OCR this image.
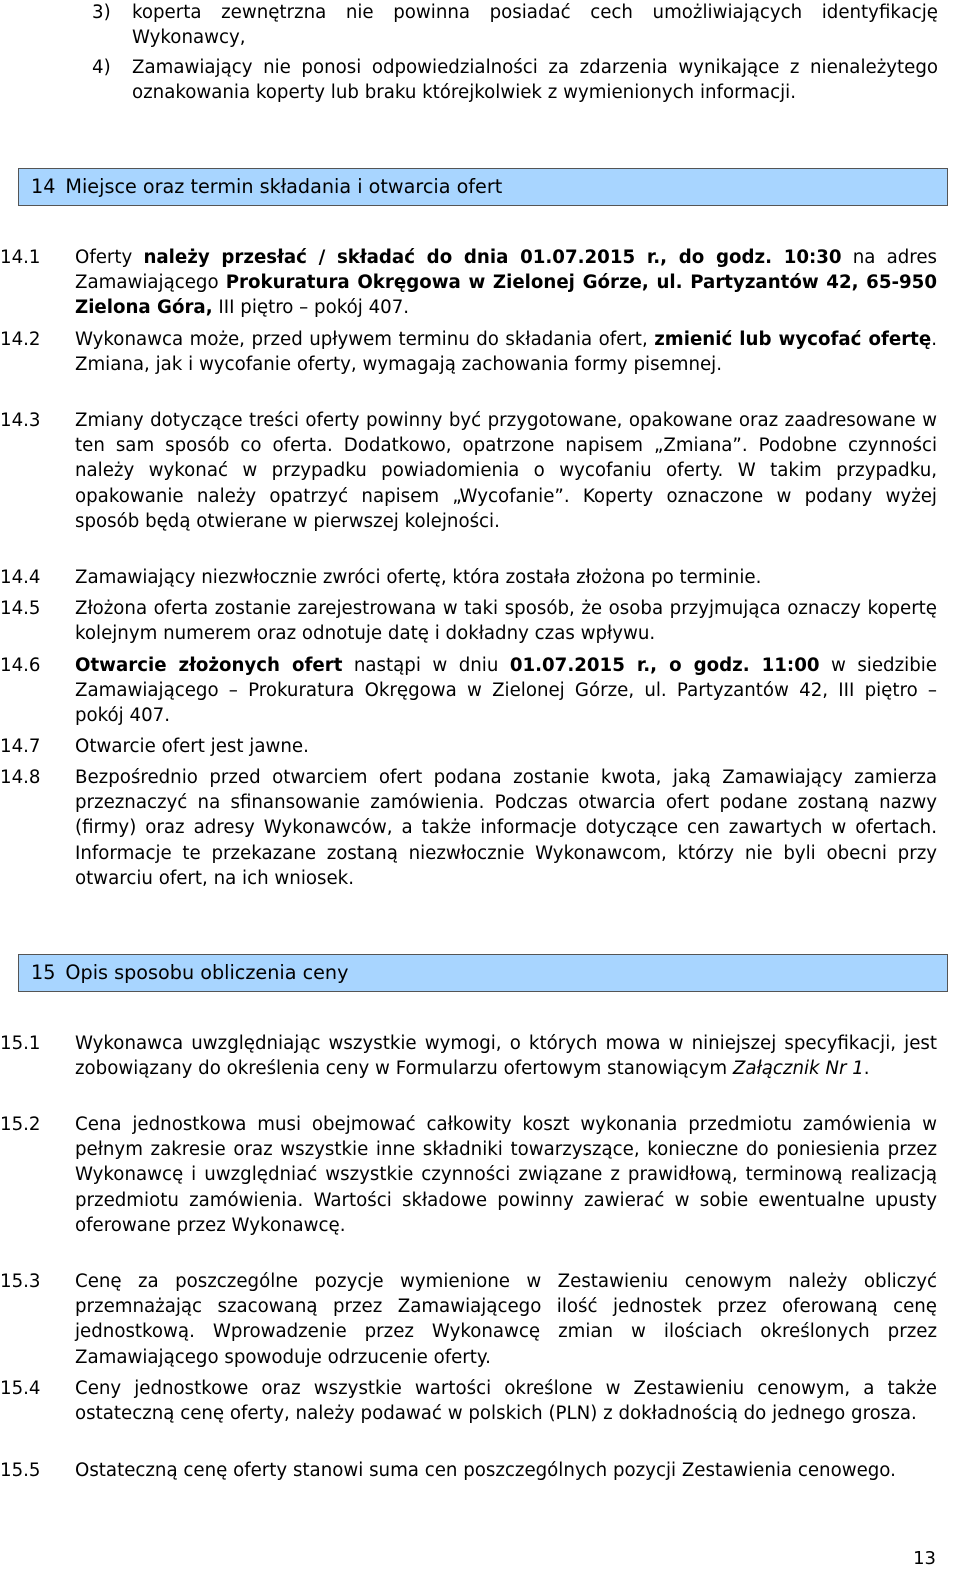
3) koperta zewnętrzna nie powinna posiadać cech umożliwiających identyfikację Wykonawcy,
4) Zamawiający nie ponosi odpowiedzialności za zdarzenia wynikające z nienależytego oznakowania koperty lub braku którejkolwiek z wymienionych informacji.
14 Miejsce oraz termin składania i otwarcia ofert
14.1	Oferty należy przesłać / składać do dnia 01.07.2015 r., do godz. 10:30 na adres Zamawiającego Prokuratura Okręgowa w Zielonej Górze, ul. Partyzantów 42, 65-950 Zielona Góra, III piętro – pokój 407.
14.2	Wykonawca może, przed upływem terminu do składania ofert, zmienić lub wycofać ofertę. Zmiana, jak i wycofanie oferty, wymagają zachowania formy pisemnej.
14.3	Zmiany dotyczące treści oferty powinny być przygotowane, opakowane oraz zaadresowane w ten sam sposób co oferta. Dodatkowo, opatrzone napisem „Zmiana”. Podobne czynności należy wykonać w przypadku powiadomienia o wycofaniu oferty. W takim przypadku, opakowanie należy opatrzyć napisem „Wycofanie”. Koperty oznaczone w podany wyżej sposób będą otwierane w pierwszej kolejności.
14.4	Zamawiający niezwłocznie zwróci ofertę, która została złożona po terminie.
14.5	Złożona oferta zostanie zarejestrowana w taki sposób, że osoba przyjmująca oznaczy kopertę kolejnym numerem oraz odnotuje datę i dokładny czas wpływu.
14.6	Otwarcie złożonych ofert nastąpi w dniu 01.07.2015 r., o godz. 11:00 w siedzibie Zamawiającego – Prokuratura Okręgowa w Zielonej Górze, ul. Partyzantów 42, III piętro – pokój 407.
14.7	Otwarcie ofert jest jawne.
14.8	Bezpośrednio przed otwarciem ofert podana zostanie kwota, jaką Zamawiający zamierza przeznaczyć na sfinansowanie zamówienia. Podczas otwarcia ofert podane zostaną nazwy (firmy) oraz adresy Wykonawców, a także informacje dotyczące cen zawartych w ofertach. Informacje te przekazane zostaną niezwłocznie Wykonawcom, którzy nie byli obecni przy otwarciu ofert, na ich wniosek.
15 Opis sposobu obliczenia ceny
15.1	Wykonawca uwzględniając wszystkie wymogi, o których mowa w niniejszej specyfikacji, jest zobowiązany do określenia ceny w Formularzu ofertowym stanowiącym Załącznik Nr 1.
15.2	Cena jednostkowa musi obejmować całkowity koszt wykonania przedmiotu zamówienia w pełnym zakresie oraz wszystkie inne składniki towarzyszące, konieczne do poniesienia przez Wykonawcę i uwzględniać wszystkie czynności związane z prawidłową, terminową realizacją przedmiotu zamówienia. Wartości składowe powinny zawierać w sobie ewentualne upusty oferowane przez Wykonawcę.
15.3	Cenę za poszczególne pozycje wymienione w Zestawieniu cenowym należy obliczyć przemnażając szacowaną przez Zamawiającego ilość jednostek przez oferowaną cenę jednostkową. Wprowadzenie przez Wykonawcę zmian w ilościach określonych przez Zamawiającego spowoduje odrzucenie oferty.
15.4	Ceny jednostkowe oraz wszystkie wartości określone w Zestawieniu cenowym, a także ostateczną cenę oferty, należy podawać w polskich (PLN) z dokładnością do jednego grosza.
15.5	Ostateczną cenę oferty stanowi suma cen poszczególnych pozycji Zestawienia cenowego.
13
